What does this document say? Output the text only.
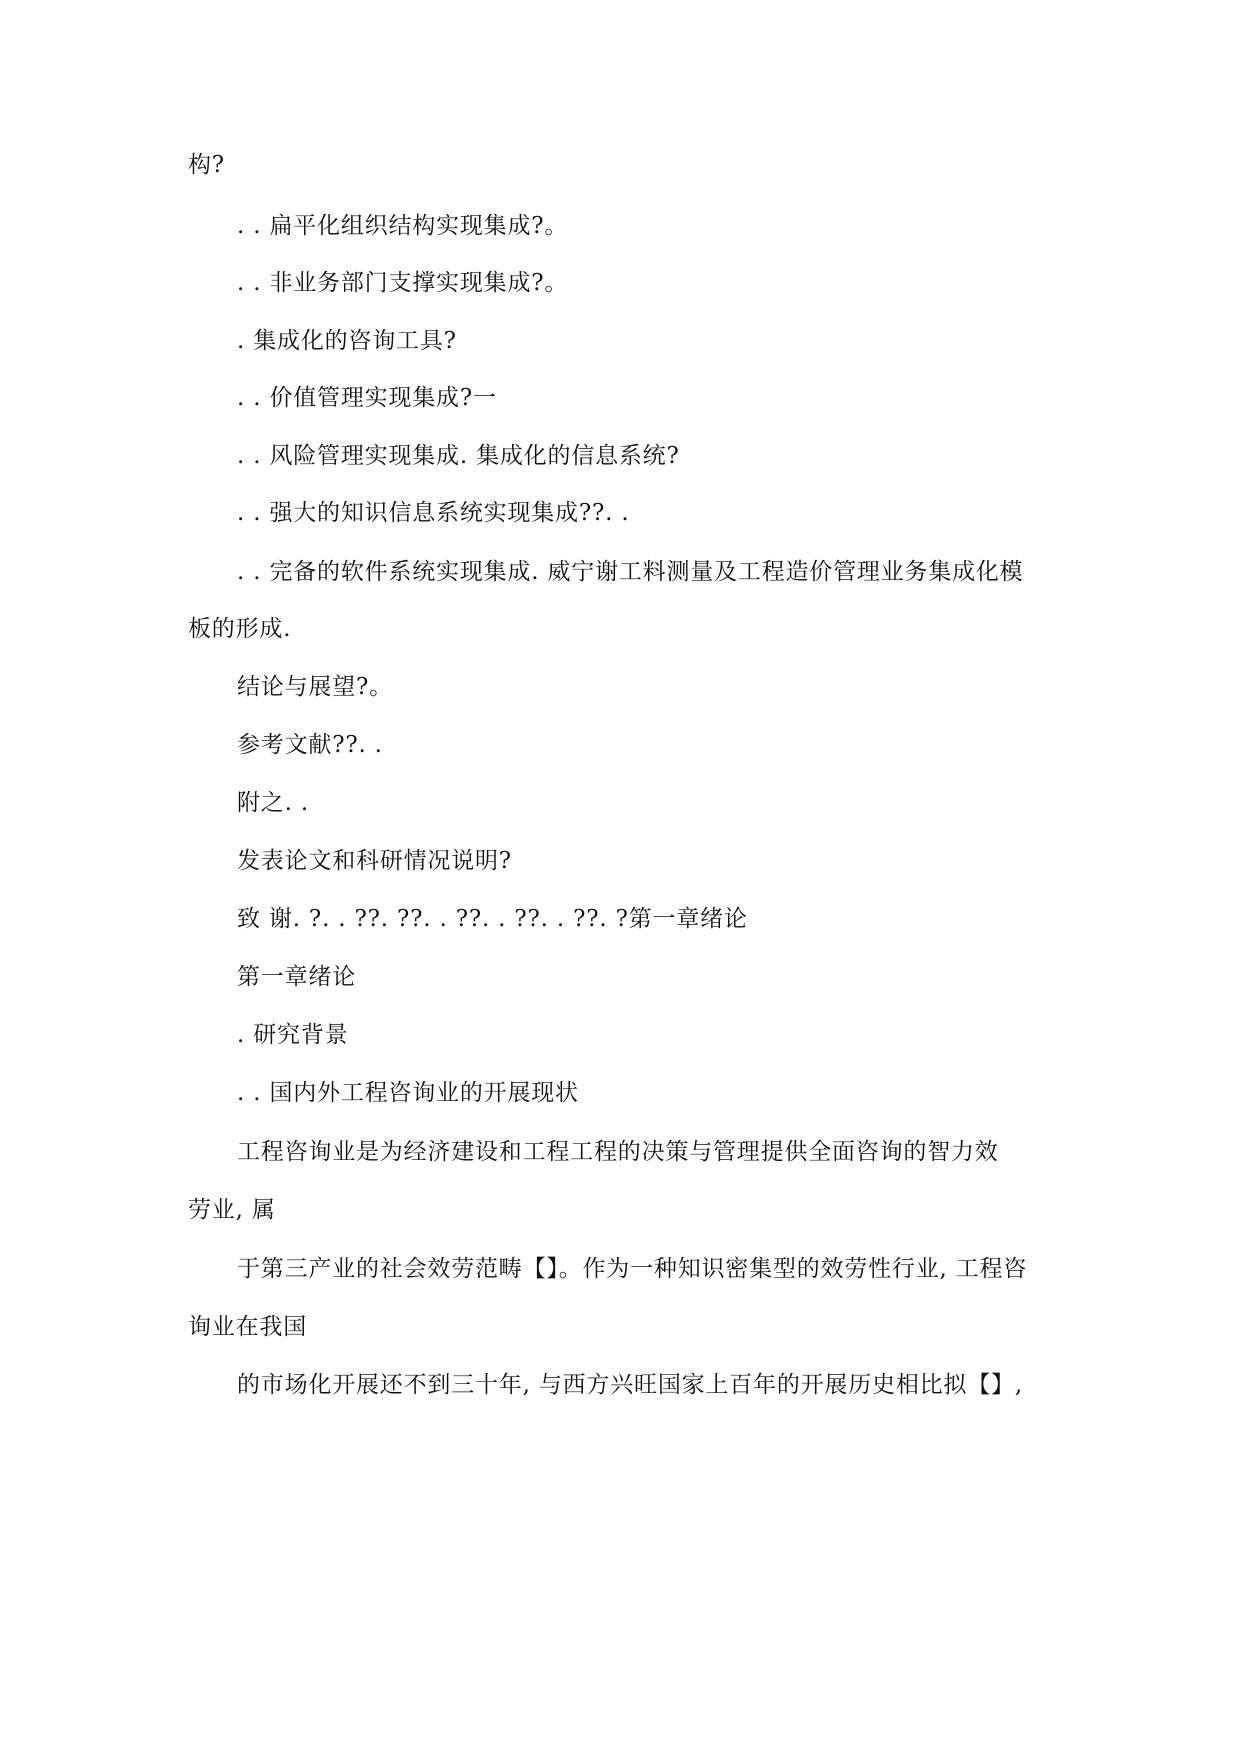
构?
. . 扁平化组织结构实现集成?。
. . 非业务部门支撑实现集成?。
. 集成化的咨询工具?
. . 价值管理实现集成?一
. . 风险管理实现集成. 集成化的信息系统?
. . 强大的知识信息系统实现集成??. .
. . 完备的软件系统实现集成. 威宁谢工料测量及工程造价管理业务集成化模
板的形成.
结论与展望?。
参考文献??. .
附之. .
发表论文和科研情况说明?
致 谢. ?. . ??. ??. . ??. . ??. . ??. ?第一章绪论
第一章绪论
. 研究背景
. . 国内外工程咨询业的开展现状
工程咨询业是为经济建设和工程工程的决策与管理提供全面咨询的智力效
劳业, 属
于第三产业的社会效劳范畴【】。作为一种知识密集型的效劳性行业, 工程咨
询业在我国
的市场化开展还不到三十年, 与西方兴旺国家上百年的开展历史相比拟【】,
